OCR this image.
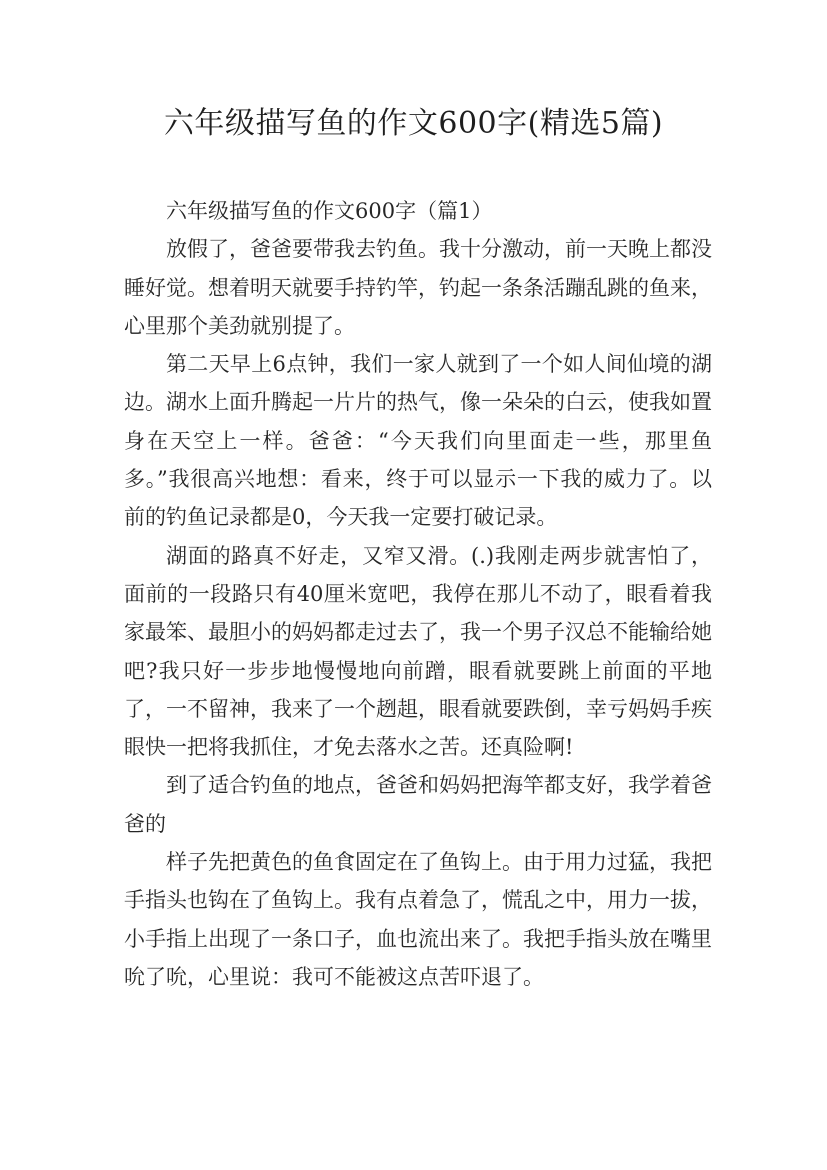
六年级描写鱼的作文600字(精选5篇)

六年级描写鱼的作文600字（篇1）

放假了，爸爸要带我去钓鱼。我十分激动，前一天晚上都没睡好觉。想着明天就要手持钓竿，钓起一条条活蹦乱跳的鱼来，心里那个美劲就别提了。

第二天早上6点钟，我们一家人就到了一个如人间仙境的湖边。湖水上面升腾起一片片的热气，像一朵朵的白云，使我如置身在天空上一样。爸爸：“今天我们向里面走一些，那里鱼多。”我很高兴地想：看来，终于可以显示一下我的威力了。以前的钓鱼记录都是0，今天我一定要打破记录。

湖面的路真不好走，又窄又滑。(.)我刚走两步就害怕了，面前的一段路只有40厘米宽吧，我停在那儿不动了，眼看着我家最笨、最胆小的妈妈都走过去了，我一个男子汉总不能输给她吧?我只好一步步地慢慢地向前蹭，眼看就要跳上前面的平地了，一不留神，我来了一个趔趄，眼看就要跌倒，幸亏妈妈手疾眼快一把将我抓住，才免去落水之苦。还真险啊!

到了适合钓鱼的地点，爸爸和妈妈把海竿都支好，我学着爸爸的

样子先把黄色的鱼食固定在了鱼钩上。由于用力过猛，我把手指头也钩在了鱼钩上。我有点着急了，慌乱之中，用力一拔，小手指上出现了一条口子，血也流出来了。我把手指头放在嘴里吮了吮，心里说：我可不能被这点苦吓退了。
